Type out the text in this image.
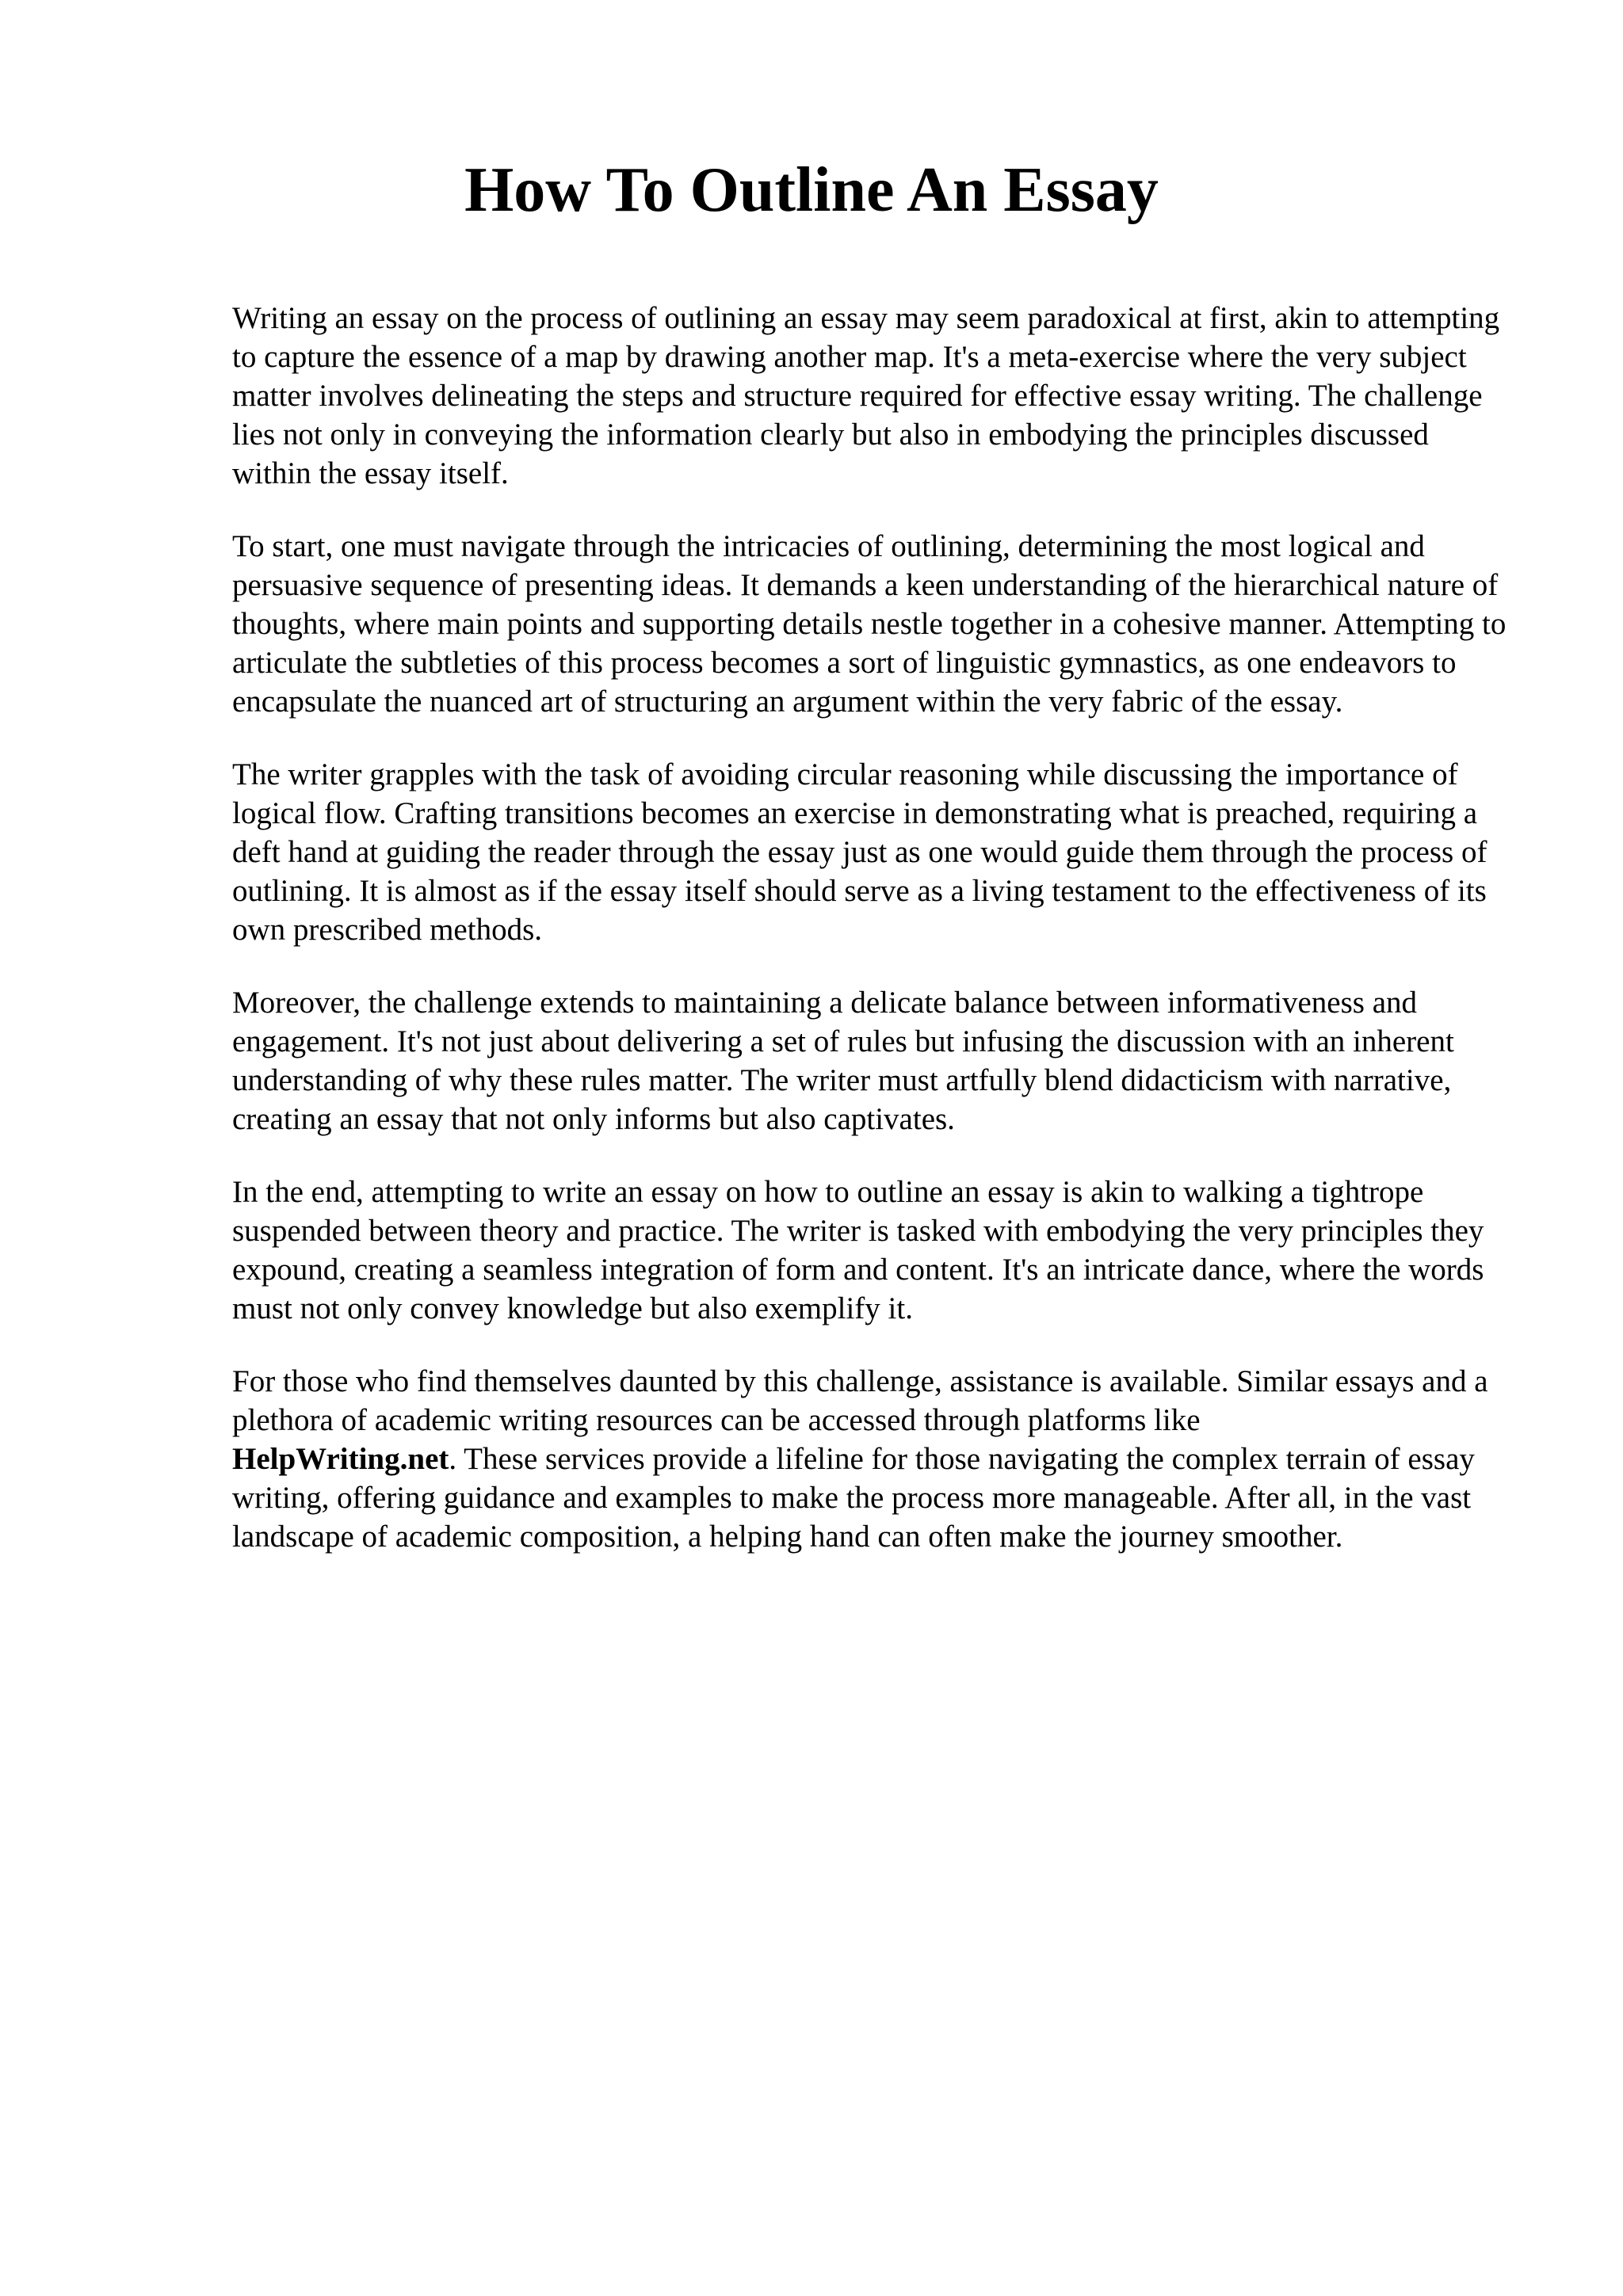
How To Outline An Essay

Writing an essay on the process of outlining an essay may seem paradoxical at first, akin to attempting to capture the essence of a map by drawing another map. It's a meta-exercise where the very subject matter involves delineating the steps and structure required for effective essay writing. The challenge lies not only in conveying the information clearly but also in embodying the principles discussed within the essay itself.

To start, one must navigate through the intricacies of outlining, determining the most logical and persuasive sequence of presenting ideas. It demands a keen understanding of the hierarchical nature of thoughts, where main points and supporting details nestle together in a cohesive manner. Attempting to articulate the subtleties of this process becomes a sort of linguistic gymnastics, as one endeavors to encapsulate the nuanced art of structuring an argument within the very fabric of the essay.

The writer grapples with the task of avoiding circular reasoning while discussing the importance of logical flow. Crafting transitions becomes an exercise in demonstrating what is preached, requiring a deft hand at guiding the reader through the essay just as one would guide them through the process of outlining. It is almost as if the essay itself should serve as a living testament to the effectiveness of its own prescribed methods.

Moreover, the challenge extends to maintaining a delicate balance between informativeness and engagement. It's not just about delivering a set of rules but infusing the discussion with an inherent understanding of why these rules matter. The writer must artfully blend didacticism with narrative, creating an essay that not only informs but also captivates.

In the end, attempting to write an essay on how to outline an essay is akin to walking a tightrope suspended between theory and practice. The writer is tasked with embodying the very principles they expound, creating a seamless integration of form and content. It's an intricate dance, where the words must not only convey knowledge but also exemplify it.

For those who find themselves daunted by this challenge, assistance is available. Similar essays and a plethora of academic writing resources can be accessed through platforms like
HelpWriting.net. These services provide a lifeline for those navigating the complex terrain of essay writing, offering guidance and examples to make the process more manageable. After all, in the vast landscape of academic composition, a helping hand can often make the journey smoother.
